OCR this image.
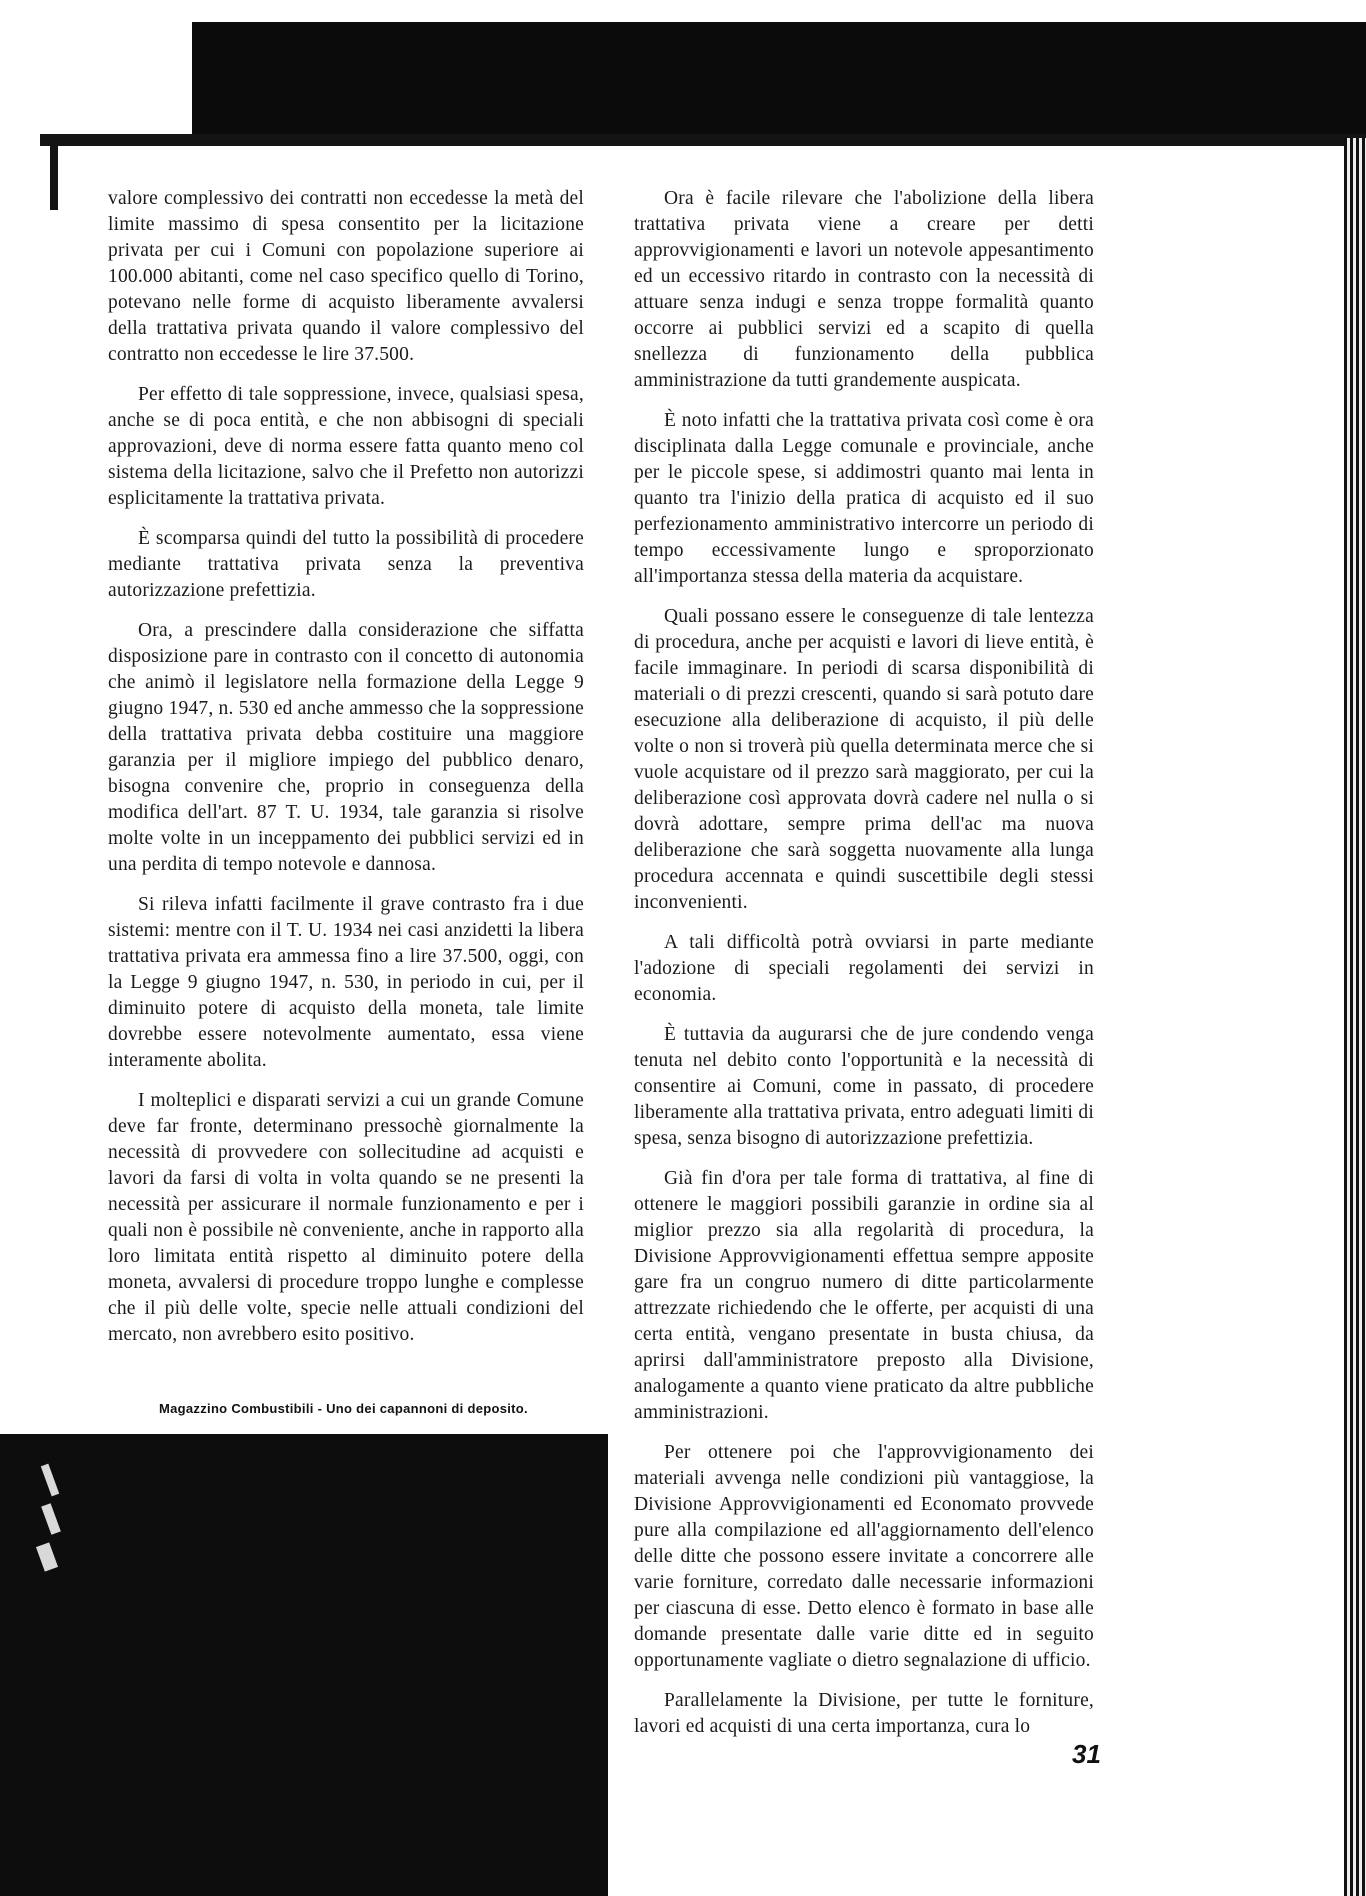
valore complessivo dei contratti non eccedesse la metà del limite massimo di spesa consentito per la licitazione privata per cui i Comuni con popolazione superiore ai 100.000 abitanti, come nel caso specifico quello di Torino, potevano nelle forme di acquisto liberamente avvalersi della trattativa privata quando il valore complessivo del contratto non eccedesse le lire 37.500.

Per effetto di tale soppressione, invece, qualsiasi spesa, anche se di poca entità, e che non abbisogni di speciali approvazioni, deve di norma essere fatta quanto meno col sistema della licitazione, salvo che il Prefetto non autorizzi esplicitamente la trattativa privata.

È scomparsa quindi del tutto la possibilità di procedere mediante trattativa privata senza la preventiva autorizzazione prefettizia.

Ora, a prescindere dalla considerazione che siffatta disposizione pare in contrasto con il concetto di autonomia che animò il legislatore nella formazione della Legge 9 giugno 1947, n. 530 ed anche ammesso che la soppressione della trattativa privata debba costituire una maggiore garanzia per il migliore impiego del pubblico denaro, bisogna convenire che, proprio in conseguenza della modifica dell'art. 87 T. U. 1934, tale garanzia si risolve molte volte in un inceppamento dei pubblici servizi ed in una perdita di tempo notevole e dannosa.

Si rileva infatti facilmente il grave contrasto fra i due sistemi: mentre con il T. U. 1934 nei casi anzidetti la libera trattativa privata era ammessa fino a lire 37.500, oggi, con la Legge 9 giugno 1947, n. 530, in periodo in cui, per il diminuito potere di acquisto della moneta, tale limite dovrebbe essere notevolmente aumentato, essa viene interamente abolita.

I molteplici e disparati servizi a cui un grande Comune deve far fronte, determinano pressochè giornalmente la necessità di provvedere con sollecitudine ad acquisti e lavori da farsi di volta in volta quando se ne presenti la necessità per assicurare il normale funzionamento e per i quali non è possibile nè conveniente, anche in rapporto alla loro limitata entità rispetto al diminuito potere della moneta, avvalersi di procedure troppo lunghe e complesse che il più delle volte, specie nelle attuali condizioni del mercato, non avrebbero esito positivo.

Magazzino Combustibili - Uno dei capannoni di deposito.

Ora è facile rilevare che l'abolizione della libera trattativa privata viene a creare per detti approvvigionamenti e lavori un notevole appesantimento ed un eccessivo ritardo in contrasto con la necessità di attuare senza indugi e senza troppe formalità quanto occorre ai pubblici servizi ed a scapito di quella snellezza di funzionamento della pubblica amministrazione da tutti grandemente auspicata.

È noto infatti che la trattativa privata così come è ora disciplinata dalla Legge comunale e provinciale, anche per le piccole spese, si addimostri quanto mai lenta in quanto tra l'inizio della pratica di acquisto ed il suo perfezionamento amministrativo intercorre un periodo di tempo eccessivamente lungo e sproporzionato all'importanza stessa della materia da acquistare.

Quali possano essere le conseguenze di tale lentezza di procedura, anche per acquisti e lavori di lieve entità, è facile immaginare. In periodi di scarsa disponibilità di materiali o di prezzi crescenti, quando si sarà potuto dare esecuzione alla deliberazione di acquisto, il più delle volte o non si troverà più quella determinata merce che si vuole acquistare od il prezzo sarà maggiorato, per cui la deliberazione così approvata dovrà cadere nel nulla o si dovrà adottare, sempre prima dell'ac ma nuova deliberazione che sarà soggetta nuovamente alla lunga procedura accennata e quindi suscettibile degli stessi inconvenienti.

A tali difficoltà potrà ovviarsi in parte mediante l'adozione di speciali regolamenti dei servizi in economia.

È tuttavia da augurarsi che de jure condendo venga tenuta nel debito conto l'opportunità e la necessità di consentire ai Comuni, come in passato, di procedere liberamente alla trattativa privata, entro adeguati limiti di spesa, senza bisogno di autorizzazione prefettizia.

Già fin d'ora per tale forma di trattativa, al fine di ottenere le maggiori possibili garanzie in ordine sia al miglior prezzo sia alla regolarità di procedura, la Divisione Approvvigionamenti effettua sempre apposite gare fra un congruo numero di ditte particolarmente attrezzate richiedendo che le offerte, per acquisti di una certa entità, vengano presentate in busta chiusa, da aprirsi dall'amministratore preposto alla Divisione, analogamente a quanto viene praticato da altre pubbliche amministrazioni.

Per ottenere poi che l'approvvigionamento dei materiali avvenga nelle condizioni più vantaggiose, la Divisione Approvvigionamenti ed Economato provvede pure alla compilazione ed all'aggiornamento dell'elenco delle ditte che possono essere invitate a concorrere alle varie forniture, corredato dalle necessarie informazioni per ciascuna di esse. Detto elenco è formato in base alle domande presentate dalle varie ditte ed in seguito opportunamente vagliate o dietro segnalazione di ufficio.

Parallelamente la Divisione, per tutte le forniture, lavori ed acquisti di una certa importanza, cura lo

31
